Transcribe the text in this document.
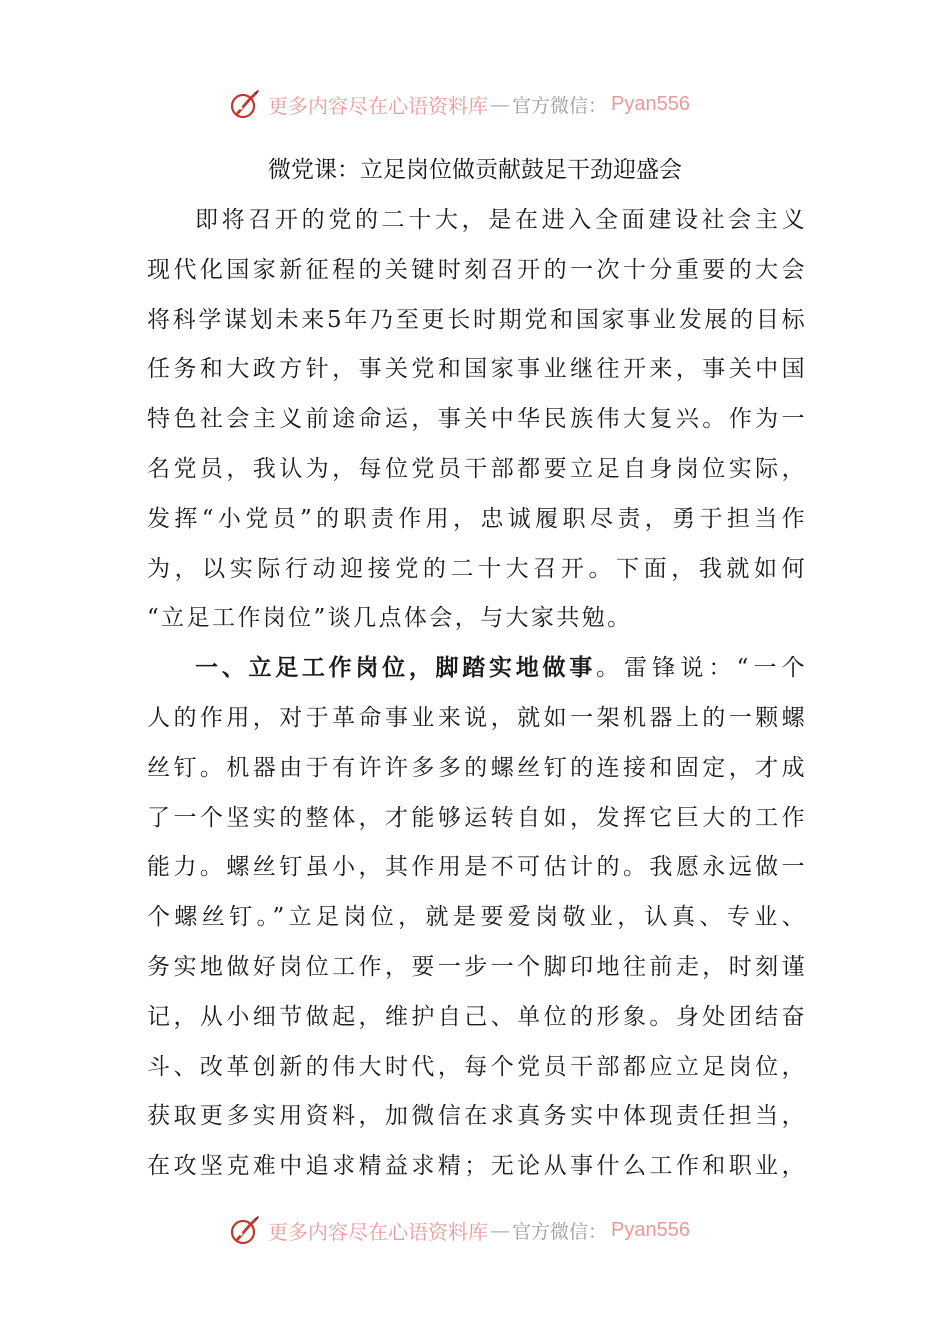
更多内容尽在心语资料库 — 官方微信： Pyan556
微党课：立足岗位做贡献鼓足干劲迎盛会
即将召开的党的二十大，是在进入全面建设社会主义
现代化国家新征程的关键时刻召开的一次十分重要的大会
将科学谋划未来5年乃至更长时期党和国家事业发展的目标
任务和大政方针，事关党和国家事业继往开来，事关中国
特色社会主义前途命运，事关中华民族伟大复兴。作为一
名党员，我认为，每位党员干部都要立足自身岗位实际，
发挥“小党员”的职责作用，忠诚履职尽责，勇于担当作
为，以实际行动迎接党的二十大召开。下面，我就如何
“立足工作岗位”谈几点体会，与大家共勉。
一、立足工作岗位，脚踏实地做事。雷锋说：“一个
人的作用，对于革命事业来说，就如一架机器上的一颗螺
丝钉。机器由于有许许多多的螺丝钉的连接和固定，才成
了一个坚实的整体，才能够运转自如，发挥它巨大的工作
能力。螺丝钉虽小，其作用是不可估计的。我愿永远做一
个螺丝钉。”立足岗位，就是要爱岗敬业，认真、专业、
务实地做好岗位工作，要一步一个脚印地往前走，时刻谨
记，从小细节做起，维护自己、单位的形象。身处团结奋
斗、改革创新的伟大时代，每个党员干部都应立足岗位，
获取更多实用资料，加微信在求真务实中体现责任担当，
在攻坚克难中追求精益求精；无论从事什么工作和职业，
更多内容尽在心语资料库 — 官方微信： Pyan556
